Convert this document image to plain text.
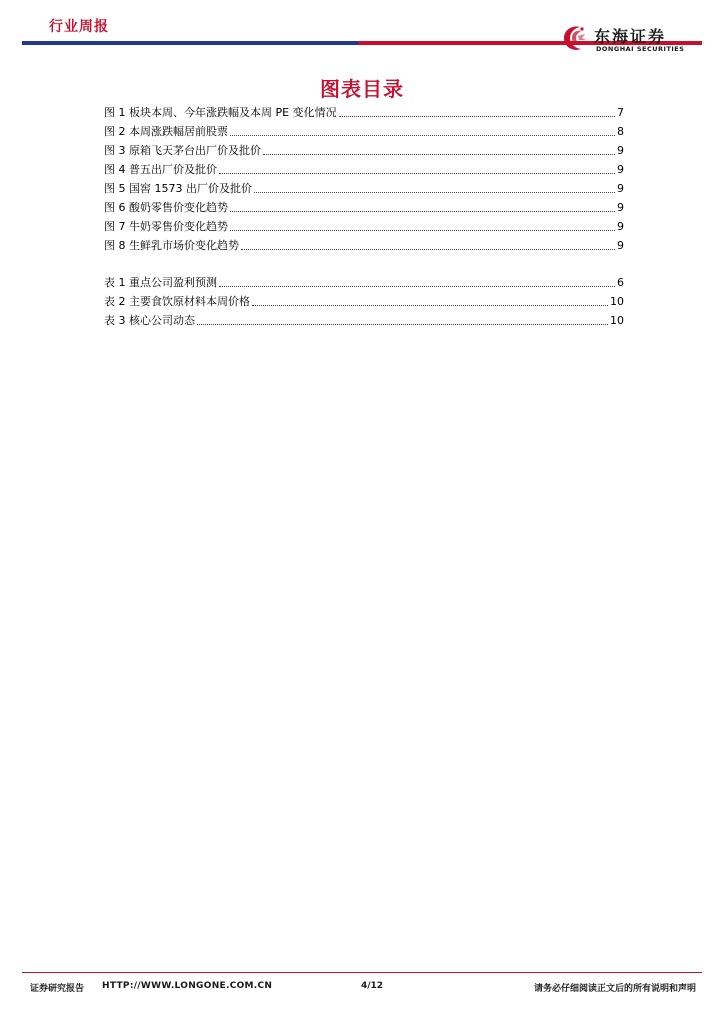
行业周报	东海证券
DONGHAI SECURITIES
图表目录
图 1 板块本周、今年涨跌幅及本周 PE 变化情况	7
图 2 本周涨跌幅居前股票	8
图 3 原箱飞天茅台出厂价及批价	9
图 4 普五出厂价及批价	9
图 5 国窖 1573 出厂价及批价	9
图 6 酸奶零售价变化趋势	9
图 7 牛奶零售价变化趋势	9
图 8 生鲜乳市场价变化趋势	9
表 1 重点公司盈利预测	6
表 2 主要食饮原材料本周价格	10
表 3 核心公司动态	10
证券研究报告 HTTP://WWW.LONGONE.COM.CN	4/12	请务必仔细阅读正文后的所有说明和声明
